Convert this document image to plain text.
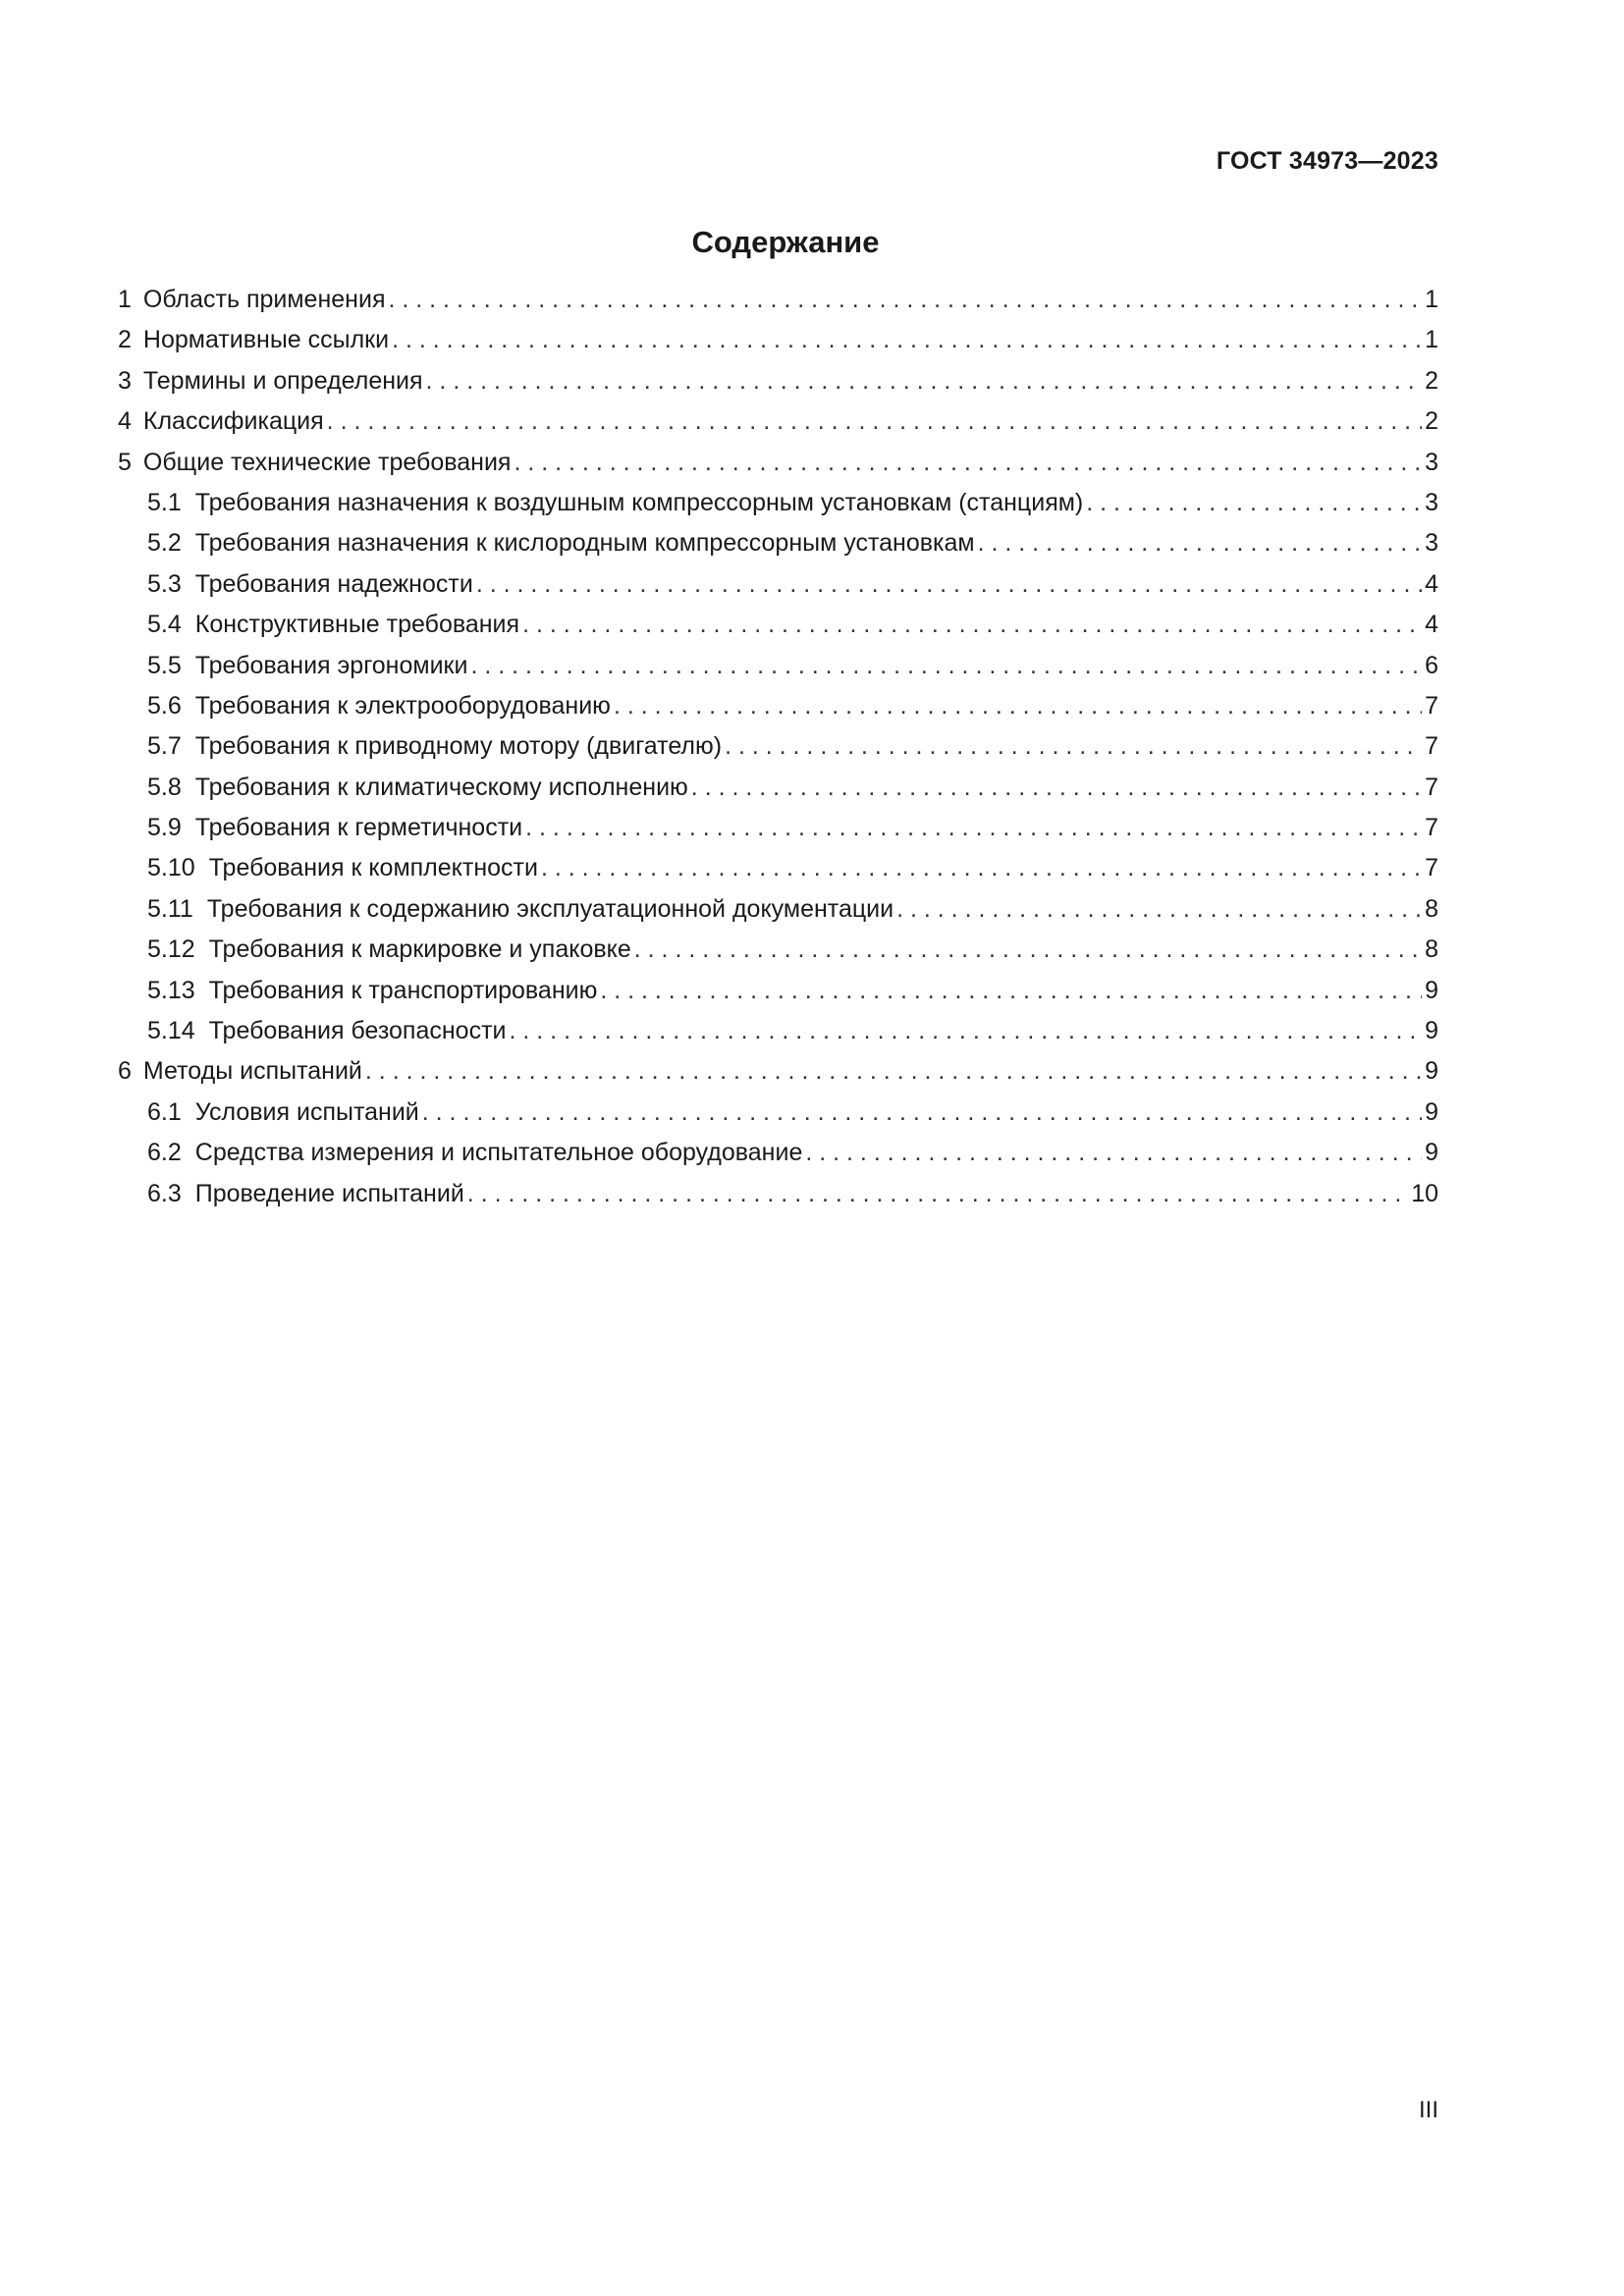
ГОСТ 34973—2023
Содержание
1 Область применения . . .	1
2 Нормативные ссылки . . .	1
3 Термины и определения . . .	2
4 Классификация . . .	2
5 Общие технические требования . . .	3
5.1 Требования назначения к воздушным компрессорным установкам (станциям) . . .	3
5.2 Требования назначения к кислородным компрессорным установкам . . .	3
5.3 Требования надежности . . .	4
5.4 Конструктивные требования . . .	4
5.5 Требования эргономики . . .	6
5.6 Требования к электрооборудованию . . .	7
5.7 Требования к приводному мотору (двигателю) . . .	7
5.8 Требования к климатическому исполнению . . .	7
5.9 Требования к герметичности . . .	7
5.10 Требования к комплектности . . .	7
5.11 Требования к содержанию эксплуатационной документации . . .	8
5.12 Требования к маркировке и упаковке . . .	8
5.13 Требования к транспортированию . . .	9
5.14 Требования безопасности . . .	9
6 Методы испытаний . . .	9
6.1 Условия испытаний . . .	9
6.2 Средства измерения и испытательное оборудование . . .	9
6.3 Проведение испытаний . . .	10
III
